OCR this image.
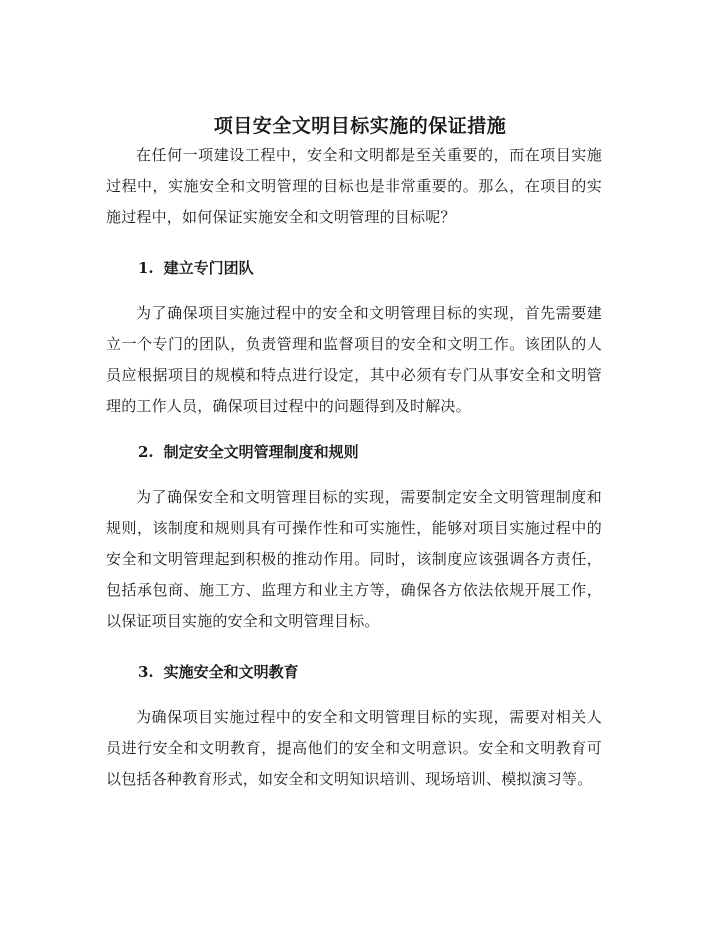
项目安全文明目标实施的保证措施

在任何一项建设工程中，安全和文明都是至关重要的，而在项目实施过程中，实施安全和文明管理的目标也是非常重要的。那么，在项目的实施过程中，如何保证实施安全和文明管理的目标呢？

1. 建立专门团队

为了确保项目实施过程中的安全和文明管理目标的实现，首先需要建立一个专门的团队，负责管理和监督项目的安全和文明工作。该团队的人员应根据项目的规模和特点进行设定，其中必须有专门从事安全和文明管理的工作人员，确保项目过程中的问题得到及时解决。

2. 制定安全文明管理制度和规则

为了确保安全和文明管理目标的实现，需要制定安全文明管理制度和规则，该制度和规则具有可操作性和可实施性，能够对项目实施过程中的安全和文明管理起到积极的推动作用。同时，该制度应该强调各方责任，包括承包商、施工方、监理方和业主方等，确保各方依法依规开展工作，以保证项目实施的安全和文明管理目标。

3. 实施安全和文明教育

为确保项目实施过程中的安全和文明管理目标的实现，需要对相关人员进行安全和文明教育，提高他们的安全和文明意识。安全和文明教育可以包括各种教育形式，如安全和文明知识培训、现场培训、模拟演习等。
